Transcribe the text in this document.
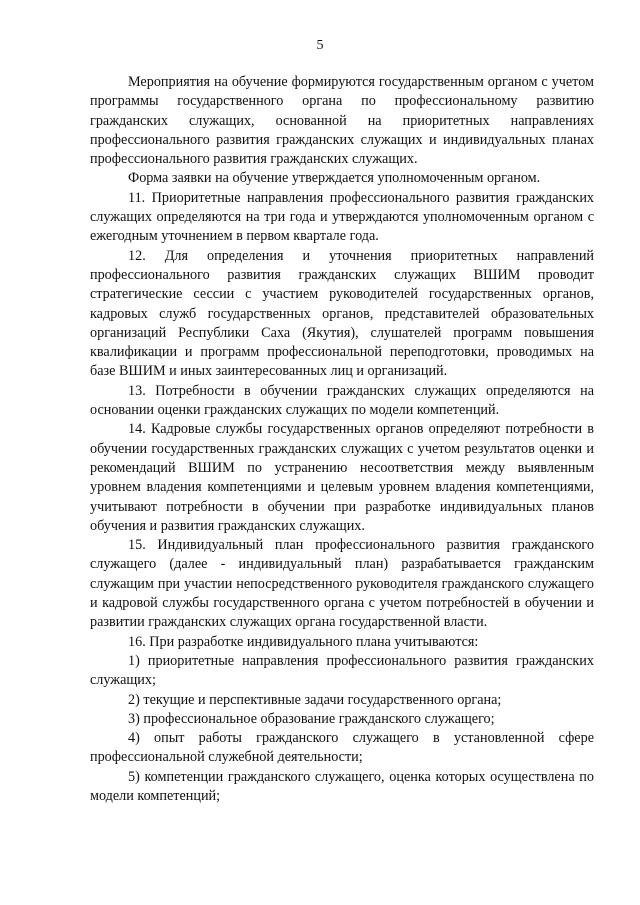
5

Мероприятия на обучение формируются государственным органом с учетом программы государственного органа по профессиональному развитию гражданских служащих, основанной на приоритетных направлениях профессионального развития гражданских служащих и индивидуальных планах профессионального развития гражданских служащих.

Форма заявки на обучение утверждается уполномоченным органом.

11. Приоритетные направления профессионального развития гражданских служащих определяются на три года и утверждаются уполномоченным органом с ежегодным уточнением в первом квартале года.

12. Для определения и уточнения приоритетных направлений профессионального развития гражданских служащих ВШИМ проводит стратегические сессии с участием руководителей государственных органов, кадровых служб государственных органов, представителей образовательных организаций Республики Саха (Якутия), слушателей программ повышения квалификации и программ профессиональной переподготовки, проводимых на базе ВШИМ и иных заинтересованных лиц и организаций.

13. Потребности в обучении гражданских служащих определяются на основании оценки гражданских служащих по модели компетенций.

14. Кадровые службы государственных органов определяют потребности в обучении государственных гражданских служащих с учетом результатов оценки и рекомендаций ВШИМ по устранению несоответствия между выявленным уровнем владения компетенциями и целевым уровнем владения компетенциями, учитывают потребности в обучении при разработке индивидуальных планов обучения и развития гражданских служащих.

15. Индивидуальный план профессионального развития гражданского служащего (далее - индивидуальный план) разрабатывается гражданским служащим при участии непосредственного руководителя гражданского служащего и кадровой службы государственного органа с учетом потребностей в обучении и развитии гражданских служащих органа государственной власти.

16. При разработке индивидуального плана учитываются:

1) приоритетные направления профессионального развития гражданских служащих;

2) текущие и перспективные задачи государственного органа;

3) профессиональное образование гражданского служащего;

4) опыт работы гражданского служащего в установленной сфере профессиональной служебной деятельности;

5) компетенции гражданского служащего, оценка которых осуществлена по модели компетенций;
